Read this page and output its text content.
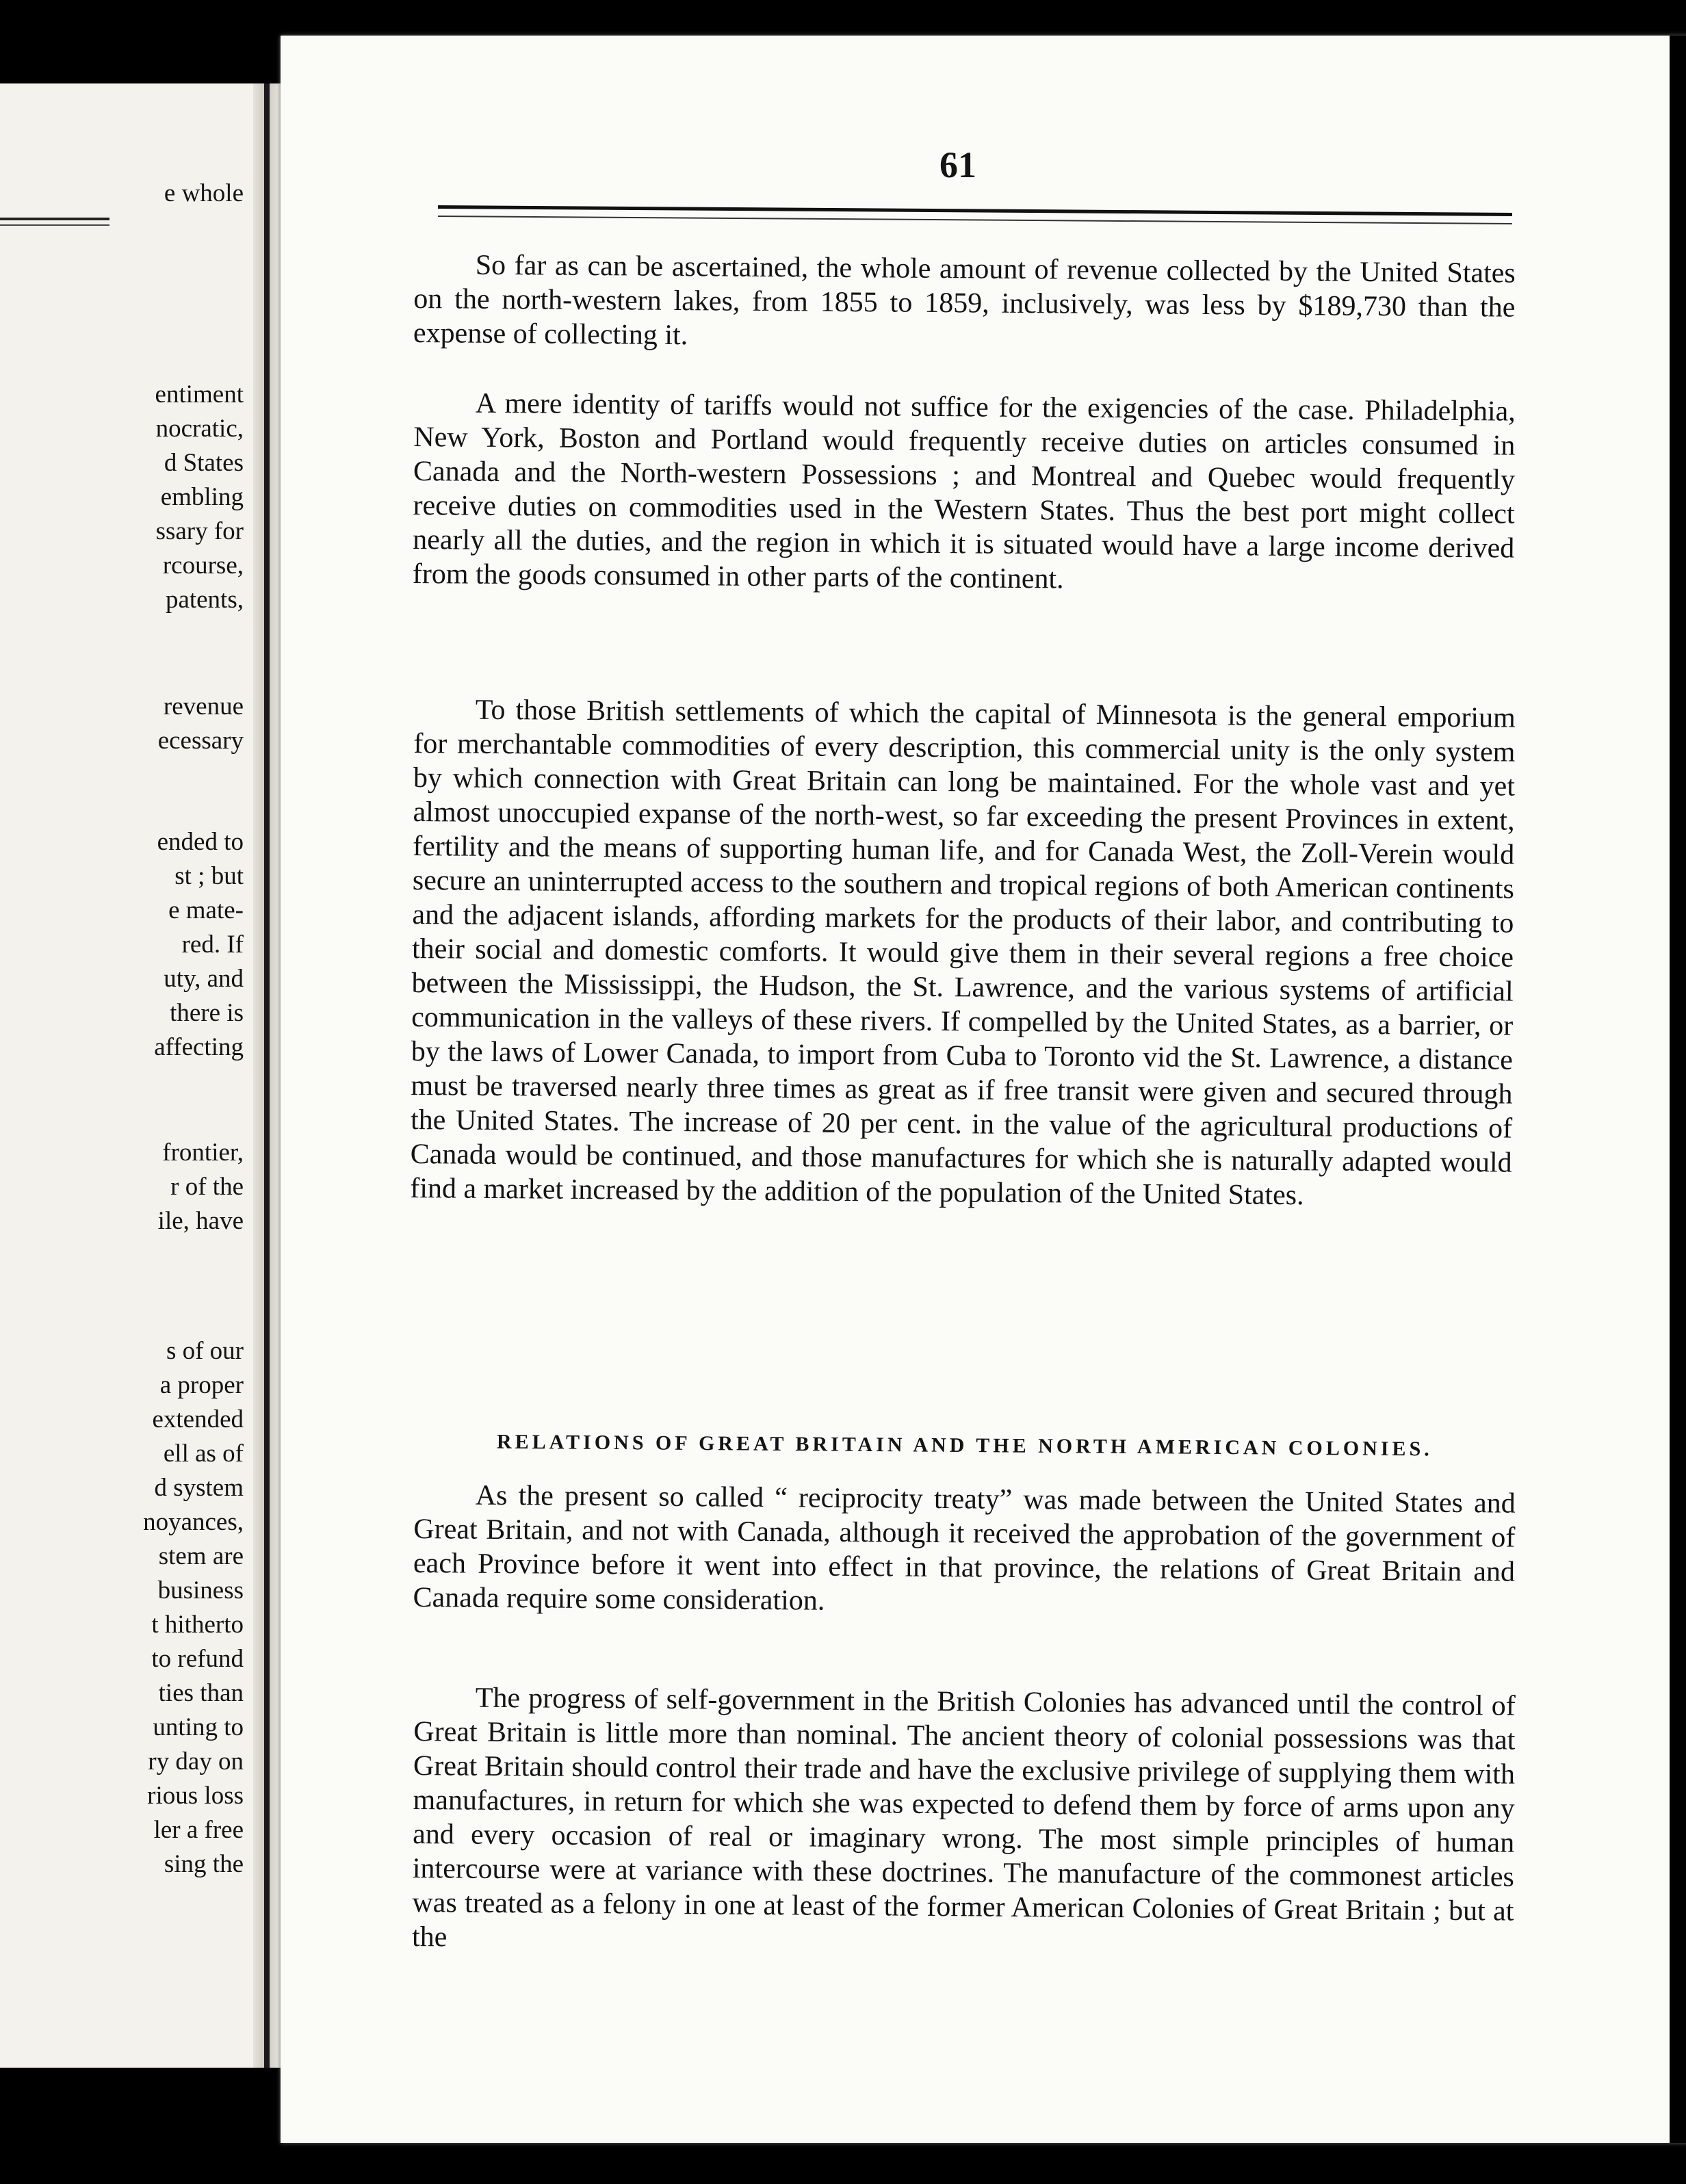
e whole
entiment
nocratic,
d States
embling
ssary for
rcourse,
patents,
revenue
ecessary
ended to
st ; but
e mate-
red. If
uty, and
there is
affecting
frontier,
r of the
ile, have
s of our
a proper
extended
ell as of
d system
noyances,
stem are
business
t hitherto
to refund
ties than
unting to
ry day on
rious loss
ler a free
sing the
61

So far as can be ascertained, the whole amount of revenue collected by the United States on the north-western lakes, from 1855 to 1859, inclusively, was less by $189,730 than the expense of collecting it.

A mere identity of tariffs would not suffice for the exigencies of the case. Philadelphia, New York, Boston and Portland would frequently receive duties on articles consumed in Canada and the North-western Possessions ; and Montreal and Quebec would frequently receive duties on commodities used in the Western States. Thus the best port might collect nearly all the duties, and the region in which it is situated would have a large income derived from the goods consumed in other parts of the continent.

To those British settlements of which the capital of Minnesota is the general emporium for merchantable commodities of every description, this commercial unity is the only system by which connection with Great Britain can long be maintained. For the whole vast and yet almost unoccupied expanse of the north-west, so far exceeding the present Provinces in extent, fertility and the means of supporting human life, and for Canada West, the Zoll-Verein would secure an uninterrupted access to the southern and tropical regions of both American continents and the adjacent islands, affording markets for the products of their labor, and contributing to their social and domestic comforts. It would give them in their several regions a free choice between the Mississippi, the Hudson, the St. Lawrence, and the various systems of artificial communication in the valleys of these rivers. If compelled by the United States, as a barrier, or by the laws of Lower Canada, to import from Cuba to Toronto vid the St. Lawrence, a distance must be traversed nearly three times as great as if free transit were given and secured through the United States. The increase of 20 per cent. in the value of the agricultural productions of Canada would be continued, and those manufactures for which she is naturally adapted would find a market increased by the addition of the population of the United States.

RELATIONS OF GREAT BRITAIN AND THE NORTH AMERICAN COLONIES.

As the present so called “ reciprocity treaty” was made between the United States and Great Britain, and not with Canada, although it received the approbation of the government of each Province before it went into effect in that province, the relations of Great Britain and Canada require some consideration.

The progress of self-government in the British Colonies has advanced until the control of Great Britain is little more than nominal. The ancient theory of colonial possessions was that Great Britain should control their trade and have the exclusive privilege of supplying them with manufactures, in return for which she was expected to defend them by force of arms upon any and every occasion of real or imaginary wrong. The most simple principles of human intercourse were at variance with these doctrines. The manufacture of the commonest articles was treated as a felony in one at least of the former American Colonies of Great Britain ; but at the
